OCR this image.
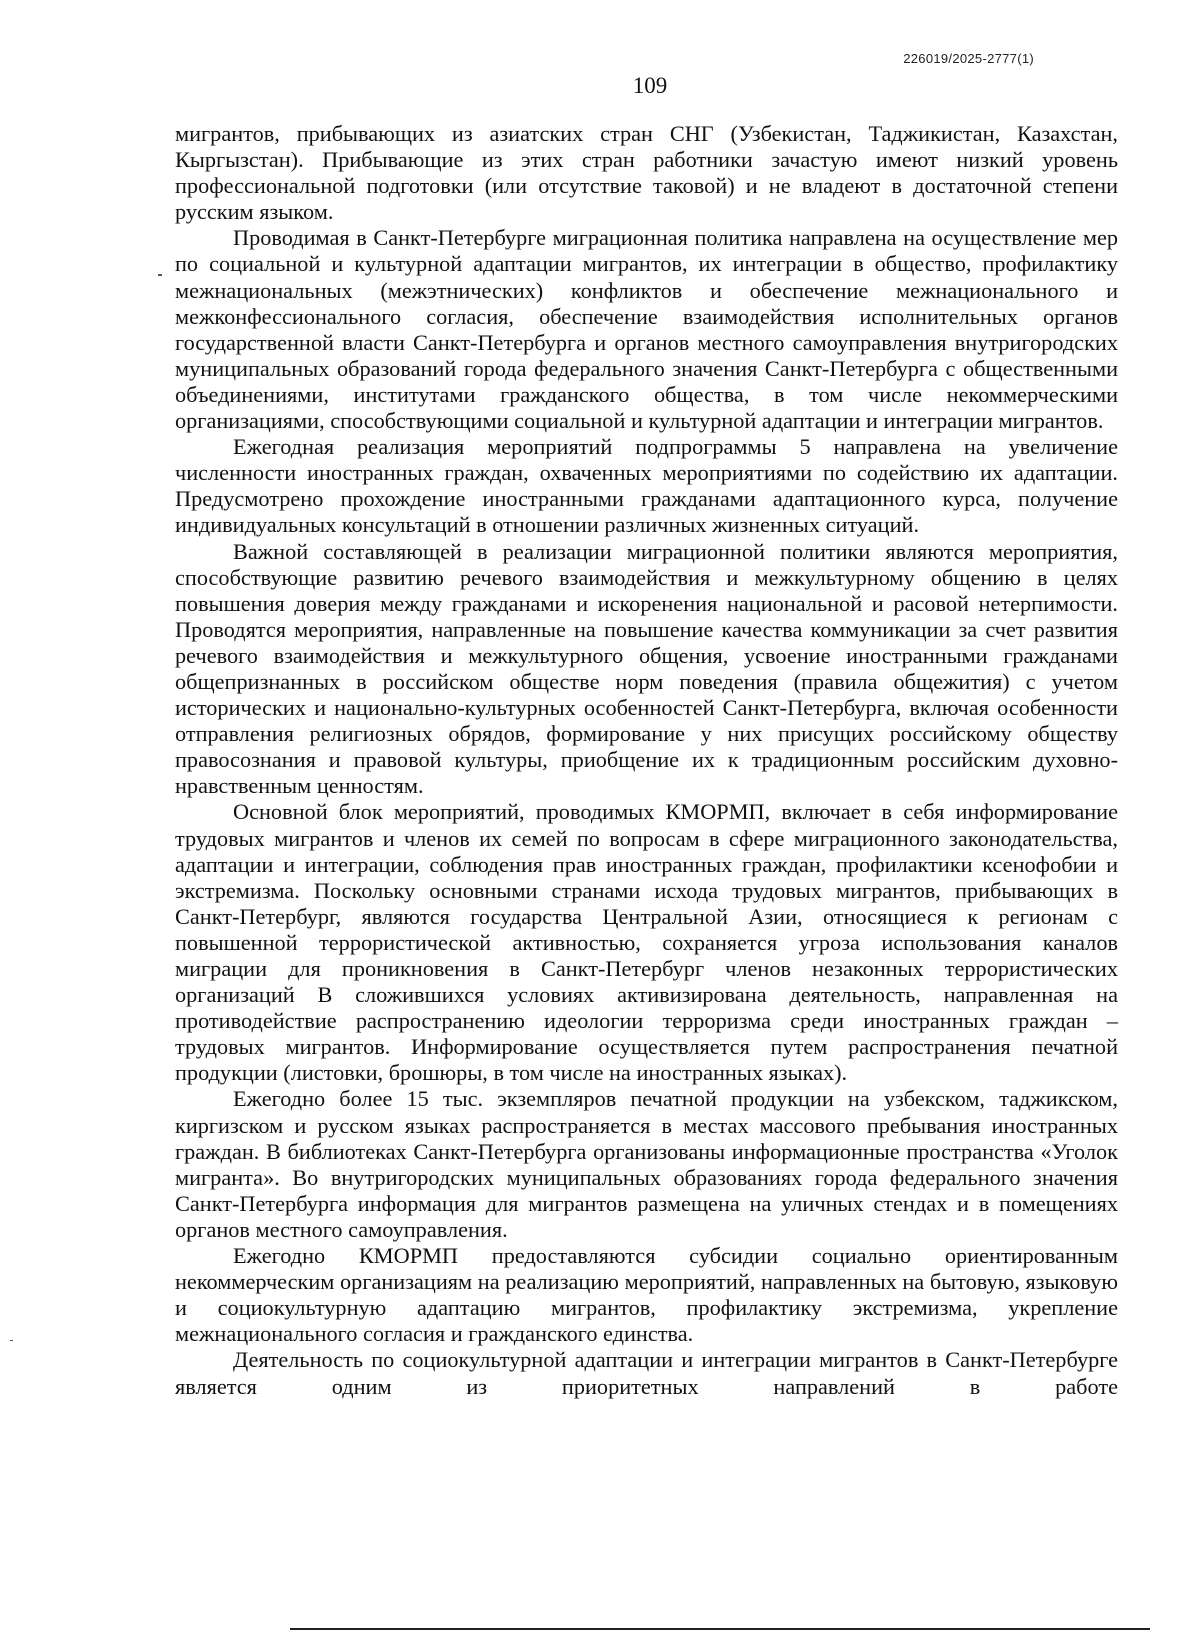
226019/2025-2777(1)
109

мигрантов, прибывающих из азиатских стран СНГ (Узбекистан, Таджикистан, Казахстан, Кыргызстан). Прибывающие из этих стран работники зачастую имеют низкий уровень профессиональной подготовки (или отсутствие таковой) и не владеют в достаточной степени русским языком.

Проводимая в Санкт-Петербурге миграционная политика направлена на осуществление мер по социальной и культурной адаптации мигрантов, их интеграции в общество, профилактику межнациональных (межэтнических) конфликтов и обеспечение межнационального и межконфессионального согласия, обеспечение взаимодействия исполнительных органов государственной власти Санкт-Петербурга и органов местного самоуправления внутригородских муниципальных образований города федерального значения Санкт-Петербурга с общественными объединениями, институтами гражданского общества, в том числе некоммерческими организациями, способствующими социальной и культурной адаптации и интеграции мигрантов.

Ежегодная реализация мероприятий подпрограммы 5 направлена на увеличение численности иностранных граждан, охваченных мероприятиями по содействию их адаптации. Предусмотрено прохождение иностранными гражданами адаптационного курса, получение индивидуальных консультаций в отношении различных жизненных ситуаций.

Важной составляющей в реализации миграционной политики являются мероприятия, способствующие развитию речевого взаимодействия и межкультурному общению в целях повышения доверия между гражданами и искоренения национальной и расовой нетерпимости. Проводятся мероприятия, направленные на повышение качества коммуникации за счет развития речевого взаимодействия и межкультурного общения, усвоение иностранными гражданами общепризнанных в российском обществе норм поведения (правила общежития) с учетом исторических и национально-культурных особенностей Санкт-Петербурга, включая особенности отправления религиозных обрядов, формирование у них присущих российскому обществу правосознания и правовой культуры, приобщение их к традиционным российским духовно-нравственным ценностям.

Основной блок мероприятий, проводимых КМОРМП, включает в себя информирование трудовых мигрантов и членов их семей по вопросам в сфере миграционного законодательства, адаптации и интеграции, соблюдения прав иностранных граждан, профилактики ксенофобии и экстремизма. Поскольку основными странами исхода трудовых мигрантов, прибывающих в Санкт-Петербург, являются государства Центральной Азии, относящиеся к регионам с повышенной террористической активностью, сохраняется угроза использования каналов миграции для проникновения в Санкт-Петербург членов незаконных террористических организаций В сложившихся условиях активизирована деятельность, направленная на противодействие распространению идеологии терроризма среди иностранных граждан – трудовых мигрантов. Информирование осуществляется путем распространения печатной продукции (листовки, брошюры, в том числе на иностранных языках).

Ежегодно более 15 тыс. экземпляров печатной продукции на узбекском, таджикском, киргизском и русском языках распространяется в местах массового пребывания иностранных граждан. В библиотеках Санкт-Петербурга организованы информационные пространства «Уголок мигранта». Во внутригородских муниципальных образованиях города федерального значения Санкт-Петербурга информация для мигрантов размещена на уличных стендах и в помещениях органов местного самоуправления.

Ежегодно КМОРМП предоставляются субсидии социально ориентированным некоммерческим организациям на реализацию мероприятий, направленных на бытовую, языковую и социокультурную адаптацию мигрантов, профилактику экстремизма, укрепление межнационального согласия и гражданского единства.

Деятельность по социокультурной адаптации и интеграции мигрантов в Санкт-Петербурге является одним из приоритетных направлений в работе
